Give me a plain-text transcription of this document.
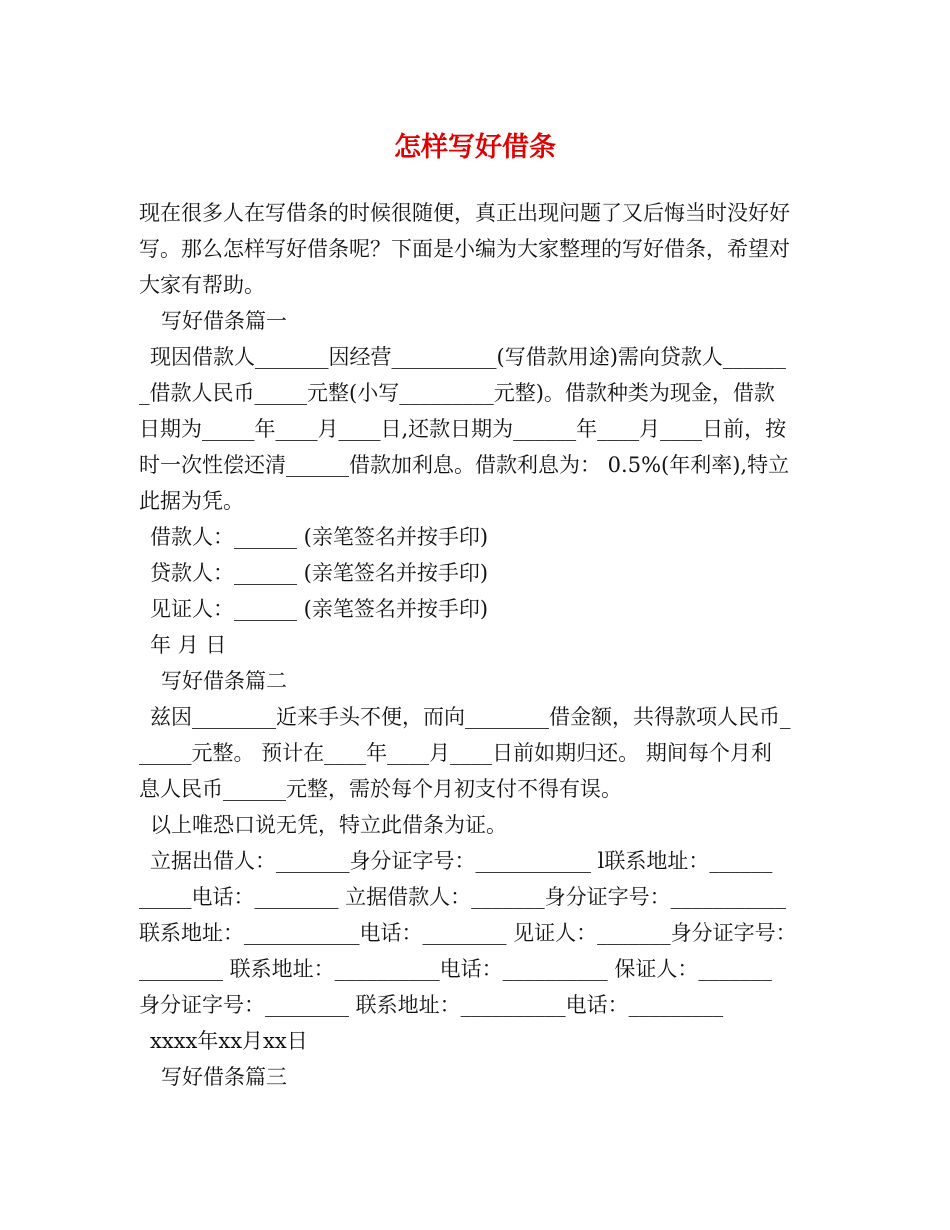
怎样写好借条
现在很多人在写借条的时候很随便，真正出现问题了又后悔当时没好好
写。那么怎样写好借条呢？下面是小编为大家整理的写好借条，希望对
大家有帮助。
写好借条篇一
现因借款人_______因经营__________(写借款用途)需向贷款人______
_借款人民币_____元整(小写_________元整)。借款种类为现金，借款
日期为_____年____月____日,还款日期为______年____月____日前，按
时一次性偿还清______借款加利息。借款利息为： 0.5%(年利率),特立
此据为凭。
借款人：______ (亲笔签名并按手印)
贷款人：______ (亲笔签名并按手印)
见证人：______ (亲笔签名并按手印)
年 月 日
写好借条篇二
兹因________近来手头不便，而向________借金额，共得款项人民币_
_____元整。 预计在____年____月____日前如期归还。 期间每个月利
息人民币______元整，需於每个月初支付不得有误。
以上唯恐口说无凭，特立此借条为证。
立据出借人：_______身分证字号：___________ l联系地址：______
_____电话：________ 立据借款人：_______身分证字号：___________
联系地址：___________电话：________ 见证人：_______身分证字号：
________ 联系地址：__________电话：__________ 保证人：_______
身分证字号：________ 联系地址：__________电话：_________
xxxx年xx月xx日
写好借条篇三
